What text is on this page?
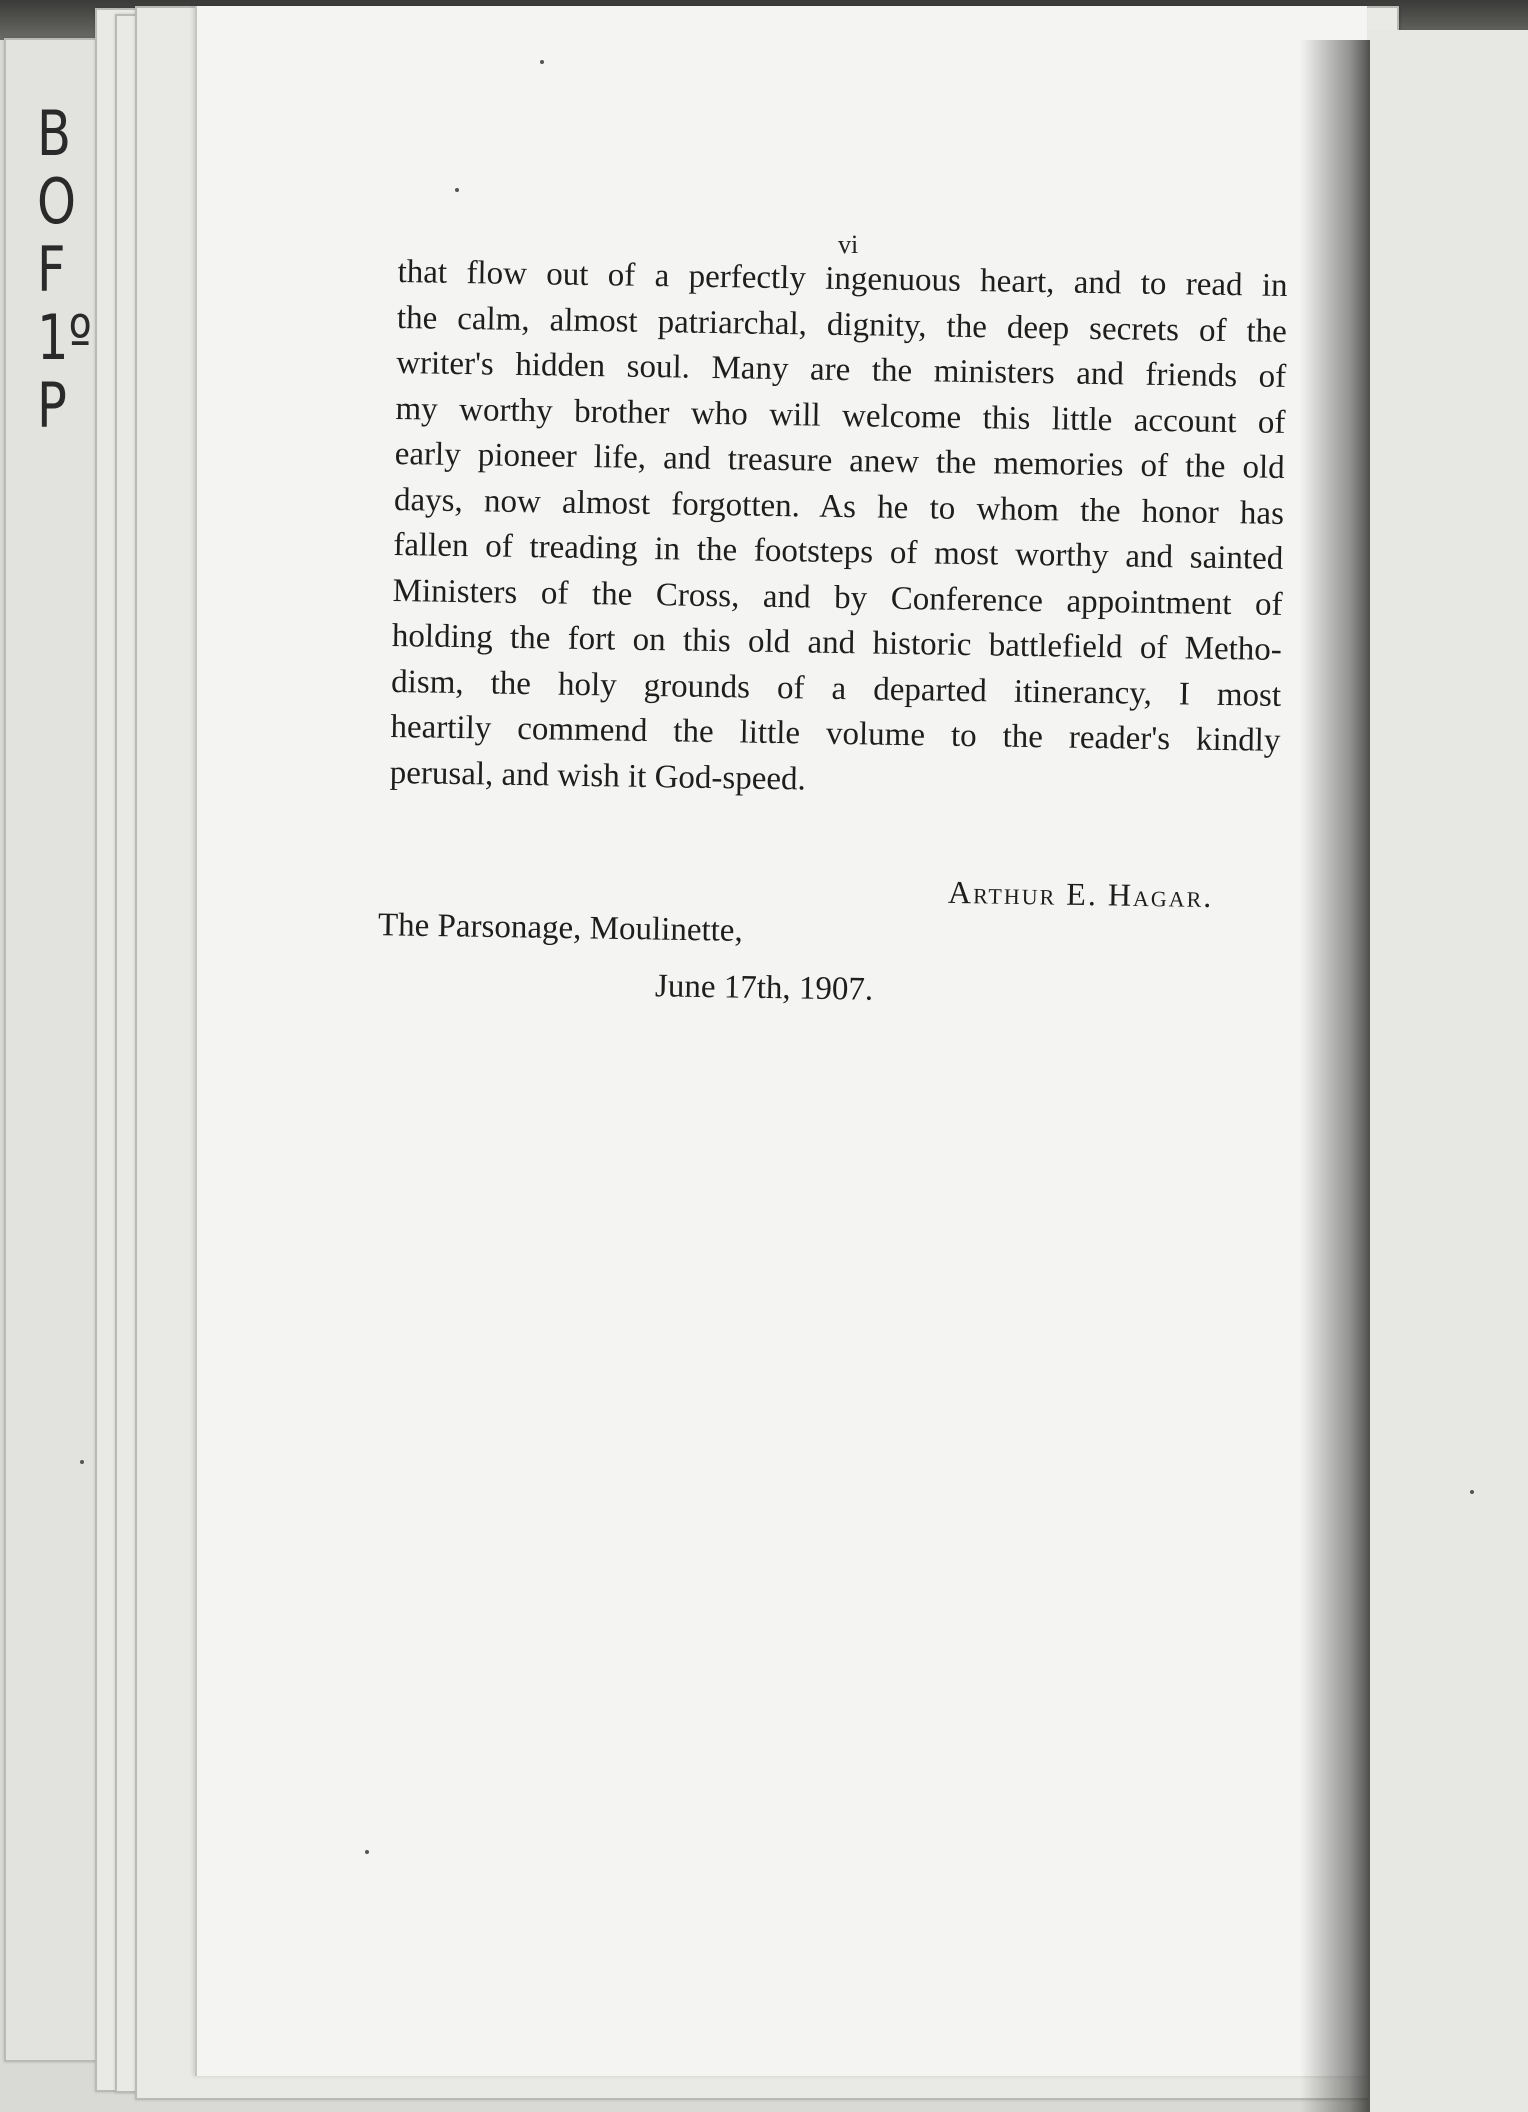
B
O
F
1º
P
vi
that flow out of a perfectly ingenuous heart, and to read in
the calm, almost patriarchal, dignity, the deep secrets of the
writer's hidden soul. Many are the ministers and friends of
my worthy brother who will welcome this little account of
early pioneer life, and treasure anew the memories of the old
days, now almost forgotten. As he to whom the honor has
fallen of treading in the footsteps of most worthy and sainted
Ministers of the Cross, and by Conference appointment of
holding the fort on this old and historic battlefield of Metho-
dism, the holy grounds of a departed itinerancy, I most
heartily commend the little volume to the reader's kindly
perusal, and wish it God-speed.
Arthur E. Hagar.
The Parsonage, Moulinette,
June 17th, 1907.
